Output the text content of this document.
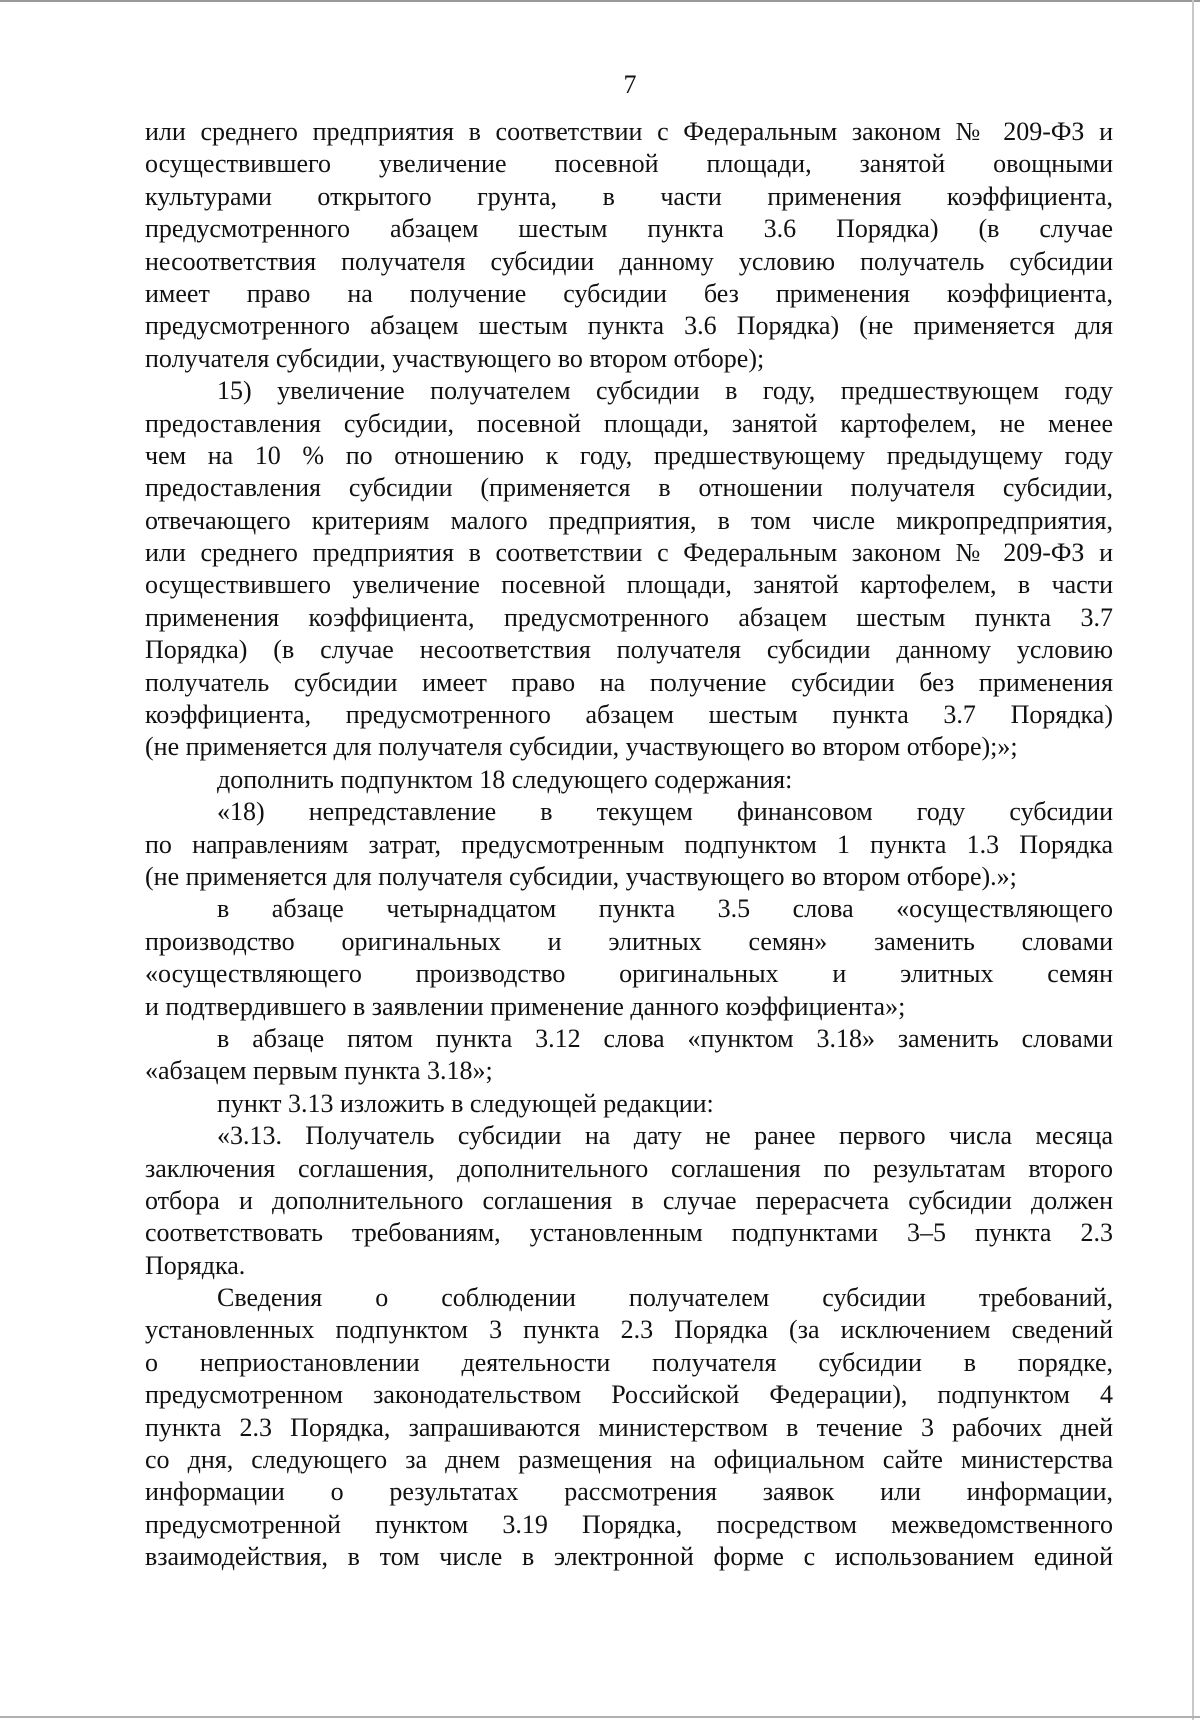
7
или среднего предприятия в соответствии с Федеральным законом № 209-ФЗ и
осуществившего увеличение посевной площади, занятой овощными
культурами открытого грунта, в части применения коэффициента,
предусмотренного абзацем шестым пункта 3.6 Порядка) (в случае
несоответствия получателя субсидии данному условию получатель субсидии
имеет право на получение субсидии без применения коэффициента,
предусмотренного абзацем шестым пункта 3.6 Порядка) (не применяется для
получателя субсидии, участвующего во втором отборе);
15) увеличение получателем субсидии в году, предшествующем году
предоставления субсидии, посевной площади, занятой картофелем, не менее
чем на 10 % по отношению к году, предшествующему предыдущему году
предоставления субсидии (применяется в отношении получателя субсидии,
отвечающего критериям малого предприятия, в том числе микропредприятия,
или среднего предприятия в соответствии с Федеральным законом № 209-ФЗ и
осуществившего увеличение посевной площади, занятой картофелем, в части
применения коэффициента, предусмотренного абзацем шестым пункта 3.7
Порядка) (в случае несоответствия получателя субсидии данному условию
получатель субсидии имеет право на получение субсидии без применения
коэффициента, предусмотренного абзацем шестым пункта 3.7 Порядка)
(не применяется для получателя субсидии, участвующего во втором отборе);»;
дополнить подпунктом 18 следующего содержания:
«18) непредставление в текущем финансовом году субсидии
по направлениям затрат, предусмотренным подпунктом 1 пункта 1.3 Порядка
(не применяется для получателя субсидии, участвующего во втором отборе).»;
в абзаце четырнадцатом пункта 3.5 слова «осуществляющего
производство оригинальных и элитных семян» заменить словами
«осуществляющего производство оригинальных и элитных семян
и подтвердившего в заявлении применение данного коэффициента»;
в абзаце пятом пункта 3.12 слова «пунктом 3.18» заменить словами
«абзацем первым пункта 3.18»;
пункт 3.13 изложить в следующей редакции:
«3.13. Получатель субсидии на дату не ранее первого числа месяца
заключения соглашения, дополнительного соглашения по результатам второго
отбора и дополнительного соглашения в случае перерасчета субсидии должен
соответствовать требованиям, установленным подпунктами 3–5 пункта 2.3
Порядка.
Сведения о соблюдении получателем субсидии требований,
установленных подпунктом 3 пункта 2.3 Порядка (за исключением сведений
о неприостановлении деятельности получателя субсидии в порядке,
предусмотренном законодательством Российской Федерации), подпунктом 4
пункта 2.3 Порядка, запрашиваются министерством в течение 3 рабочих дней
со дня, следующего за днем размещения на официальном сайте министерства
информации о результатах рассмотрения заявок или информации,
предусмотренной пунктом 3.19 Порядка, посредством межведомственного
взаимодействия, в том числе в электронной форме с использованием единой
